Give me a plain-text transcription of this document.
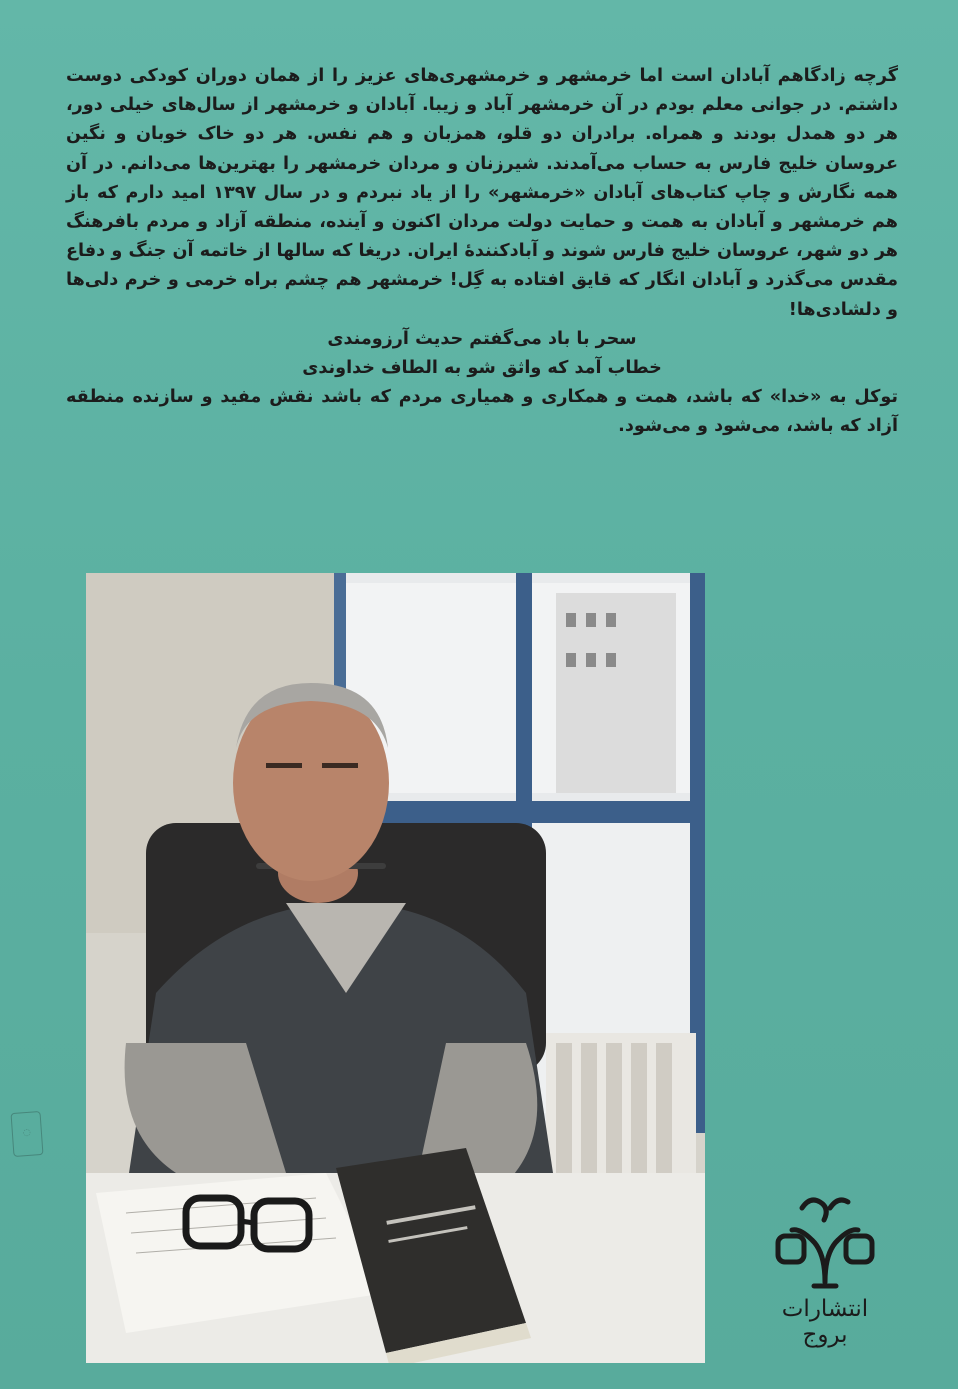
گرچه زادگاهم آبادان است اما خرمشهر و خرمشهری‌های عزیز را از همان دوران کودکی دوست داشتم. در جوانی معلم بودم در آن خرمشهر آباد و زیبا. آبادان و خرمشهر از سال‌های خیلی دور، هر دو همدل بودند و همراه. برادران دو قلو، همزبان و هم نفس. هر دو خاک خوبان و نگین عروسان خلیج فارس به حساب می‌آمدند. شیرزنان و مردان خرمشهر را بهترین‌ها می‌دانم. در آن همه نگارش و چاپ کتاب‌های آبادان «خرمشهر» را از یاد نبردم و در سال ۱۳۹۷ امید دارم که باز هم خرمشهر و آبادان به همت و حمایت دولت مردان اکنون و آینده، منطقه آزاد و مردم بافرهنگ هر دو شهر، عروسان خلیج فارس شوند و آبادکنندهٔ ایران. دریغا که سالها از خاتمه آن جنگ و دفاع مقدس می‌گذرد و آبادان انگار که قایق افتاده به گِل! خرمشهر هم چشم براه خرمی و خرم دلی‌ها و دلشادی‌ها!

سحر با باد می‌گفتم حدیث آرزومندی

خطاب آمد که واثق شو به الطاف خداوندی

توکل به «خدا» که باشد، همت و همکاری و همیاری مردم که باشد نقش مفید و سازنده منطقه آزاد که باشد، می‌شود و می‌شود.

◌
انتشارات بروج
